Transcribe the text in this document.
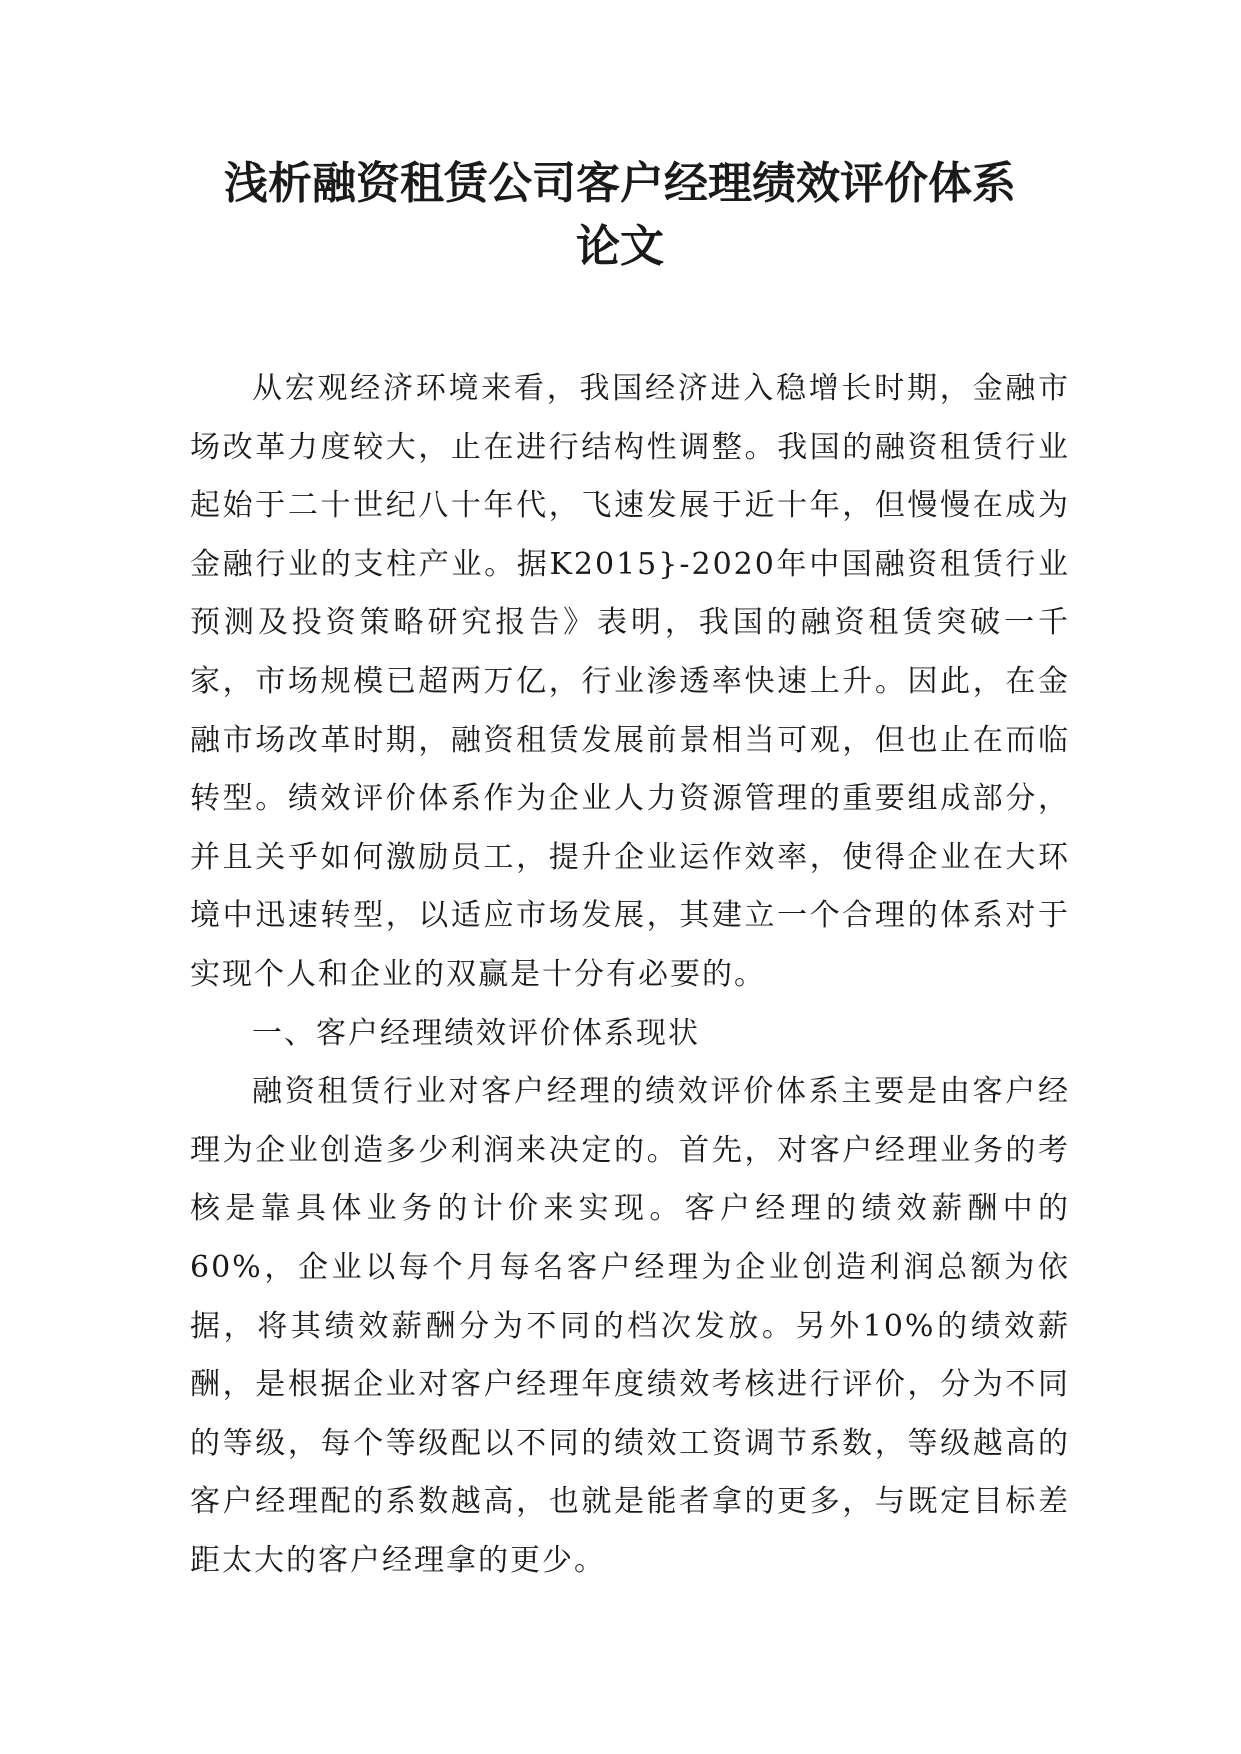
浅析融资租赁公司客户经理绩效评价体系
论文

从宏观经济环境来看，我国经济进入稳增长时期，金融市场改革力度较大，止在进行结构性调整。我国的融资租赁行业起始于二十世纪八十年代，飞速发展于近十年，但慢慢在成为金融行业的支柱产业。据K2015}-2020年中国融资租赁行业预测及投资策略研究报告》表明，我国的融资租赁突破一千家，市场规模已超两万亿，行业渗透率快速上升。因此，在金融市场改革时期，融资租赁发展前景相当可观，但也止在而临转型。绩效评价体系作为企业人力资源管理的重要组成部分，并且关乎如何激励员工，提升企业运作效率，使得企业在大环境中迅速转型，以适应市场发展，其建立一个合理的体系对于实现个人和企业的双赢是十分有必要的。

一、客户经理绩效评价体系现状

融资租赁行业对客户经理的绩效评价体系主要是由客户经理为企业创造多少利润来决定的。首先，对客户经理业务的考核是靠具体业务的计价来实现。客户经理的绩效薪酬中的60%，企业以每个月每名客户经理为企业创造利润总额为依据，将其绩效薪酬分为不同的档次发放。另外10%的绩效薪酬，是根据企业对客户经理年度绩效考核进行评价，分为不同的等级，每个等级配以不同的绩效工资调节系数，等级越高的客户经理配的系数越高，也就是能者拿的更多，与既定目标差距太大的客户经理拿的更少。
